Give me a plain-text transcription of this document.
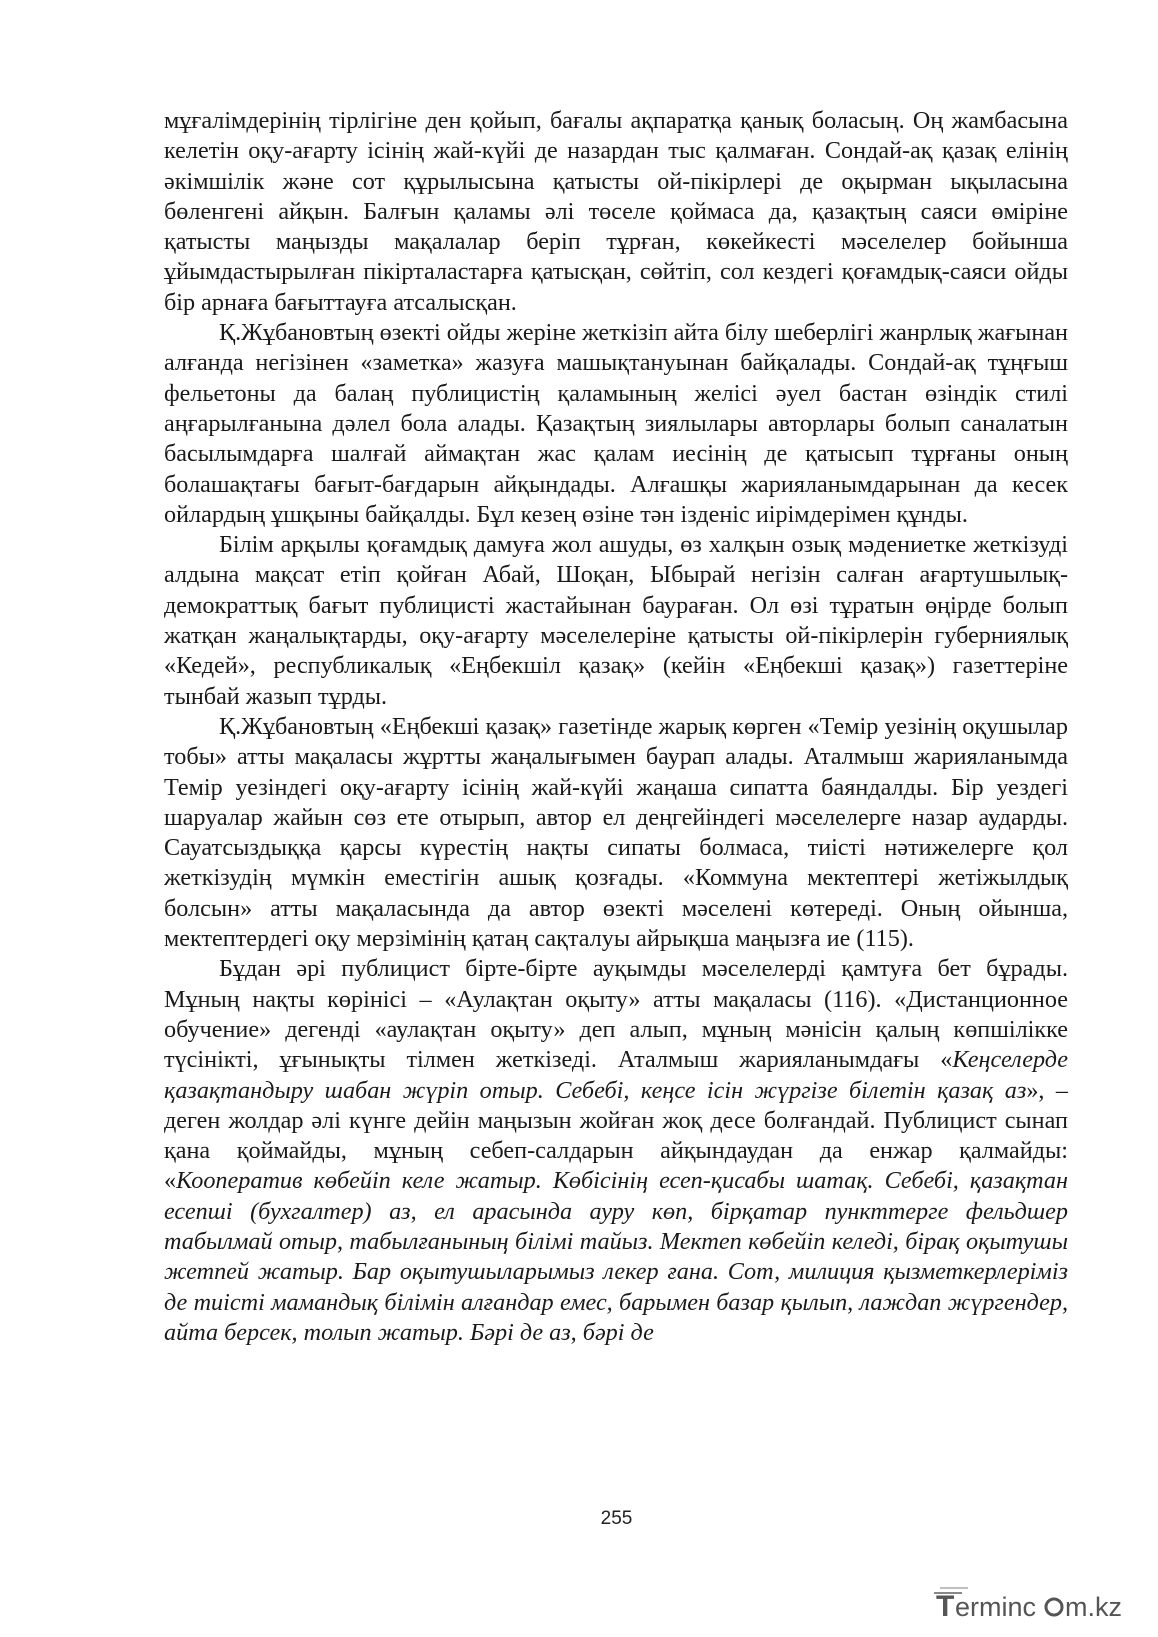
мұғалімдерінің тірлігіне ден қойып, бағалы ақпаратқа қанық боласың. Оң жамбасына келетін оқу-ағарту ісінің жай-күйі де назардан тыс қалмаған. Сондай-ақ қазақ елінің әкімшілік және сот құрылысына қатысты ой-пікірлері де оқырман ықыласына бөленгені айқын. Балғын қаламы әлі төселе қоймаса да, қазақтың саяси өміріне қатысты маңызды мақалалар беріп тұрған, көкейкесті мәселелер бойынша ұйымдастырылған пікірталастарға қатысқан, сөйтіп, сол кездегі қоғамдық-саяси ойды бір арнаға бағыттауға атсалысқан.

Қ.Жұбановтың өзекті ойды жеріне жеткізіп айта білу шеберлігі жанрлық жағынан алғанда негізінен «заметка» жазуға машықтануынан байқалады. Сондай-ақ тұңғыш фельетоны да балаң публицистің қаламының желісі әуел бастан өзіндік стилі аңғарылғанына дәлел бола алады. Қазақтың зиялылары авторлары болып саналатын басылымдарға шалғай аймақтан жас қалам иесінің де қатысып тұрғаны оның болашақтағы бағыт-бағдарын айқындады. Алғашқы жарияланымдарынан да кесек ойлардың ұшқыны байқалды. Бұл кезең өзіне тән ізденіс иірімдерімен құнды.

Білім арқылы қоғамдық дамуға жол ашуды, өз халқын озық мәдениетке жеткізуді алдына мақсат етіп қойған Абай, Шоқан, Ыбырай негізін салған ағартушылық-демократтық бағыт публицисті жастайынан баураған. Ол өзі тұратын өңірде болып жатқан жаңалықтарды, оқу-ағарту мәселелеріне қатысты ой-пікірлерін губерниялық «Кедей», республикалық «Еңбекшіл қазақ» (кейін «Еңбекші қазақ») газеттеріне тынбай жазып тұрды.

Қ.Жұбановтың «Еңбекші қазақ» газетінде жарық көрген «Темір уезінің оқушылар тобы» атты мақаласы жұртты жаңалығымен баурап алады. Аталмыш жарияланымда Темір уезіндегі оқу-ағарту ісінің жай-күйі жаңаша сипатта баяндалды. Бір уездегі шаруалар жайын сөз ете отырып, автор ел деңгейіндегі мәселелерге назар аударды. Сауатсыздыққа қарсы күрестің нақты сипаты болмаса, тиісті нәтижелерге қол жеткізудің мүмкін еместігін ашық қозғады. «Коммуна мектептері жетіжылдық болсын» атты мақаласында да автор өзекті мәселені көтереді. Оның ойынша, мектептердегі оқу мерзімінің қатаң сақталуы айрықша маңызға ие (115).

Бұдан әрі публицист бірте-бірте ауқымды мәселелерді қамтуға бет бұрады. Мұның нақты көрінісі – «Аулақтан оқыту» атты мақаласы (116). «Дистанционное обучение» дегенді «аулақтан оқыту» деп алып, мұның мәнісін қалың көпшілікке түсінікті, ұғынықты тілмен жеткізеді. Аталмыш жарияланымдағы «Кеңселерде қазақтандыру шабан жүріп отыр. Себебі, кеңсе ісін жүргізе білетін қазақ аз», – деген жолдар әлі күнге дейін маңызын жойған жоқ десе болғандай. Публицист сынап қана қоймайды, мұның себеп-салдарын айқындаудан да енжар қалмайды: «Кооператив көбейіп келе жатыр. Көбісінің есеп-қисабы шатақ. Себебі, қазақтан есепші (бухгалтер) аз, ел арасында ауру көп, бірқатар пункттерге фельдшер табылмай отыр, табылғанының білімі тайыз. Мектеп көбейіп келеді, бірақ оқытушы жетпей жатыр. Бар оқытушыларымыз лекер ғана. Сот, милиция қызметкерлеріміз де тиісті мамандық білімін алғандар емес, барымен базар қылып, лаждап жүргендер, айта берсек, толып жатыр. Бәрі де аз, бәрі де

255
T erminc m.kz
